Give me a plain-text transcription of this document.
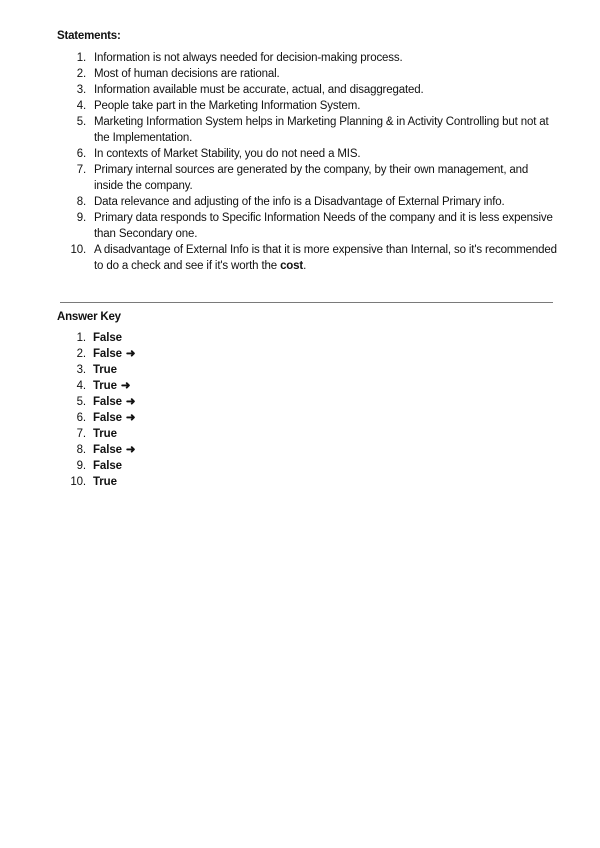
Statements:
1. Information is not always needed for decision-making process.
2. Most of human decisions are rational.
3. Information available must be accurate, actual, and disaggregated.
4. People take part in the Marketing Information System.
5. Marketing Information System helps in Marketing Planning & in Activity Controlling but not at the Implementation.
6. In contexts of Market Stability, you do not need a MIS.
7. Primary internal sources are generated by the company, by their own management, and inside the company.
8. Data relevance and adjusting of the info is a Disadvantage of External Primary info.
9. Primary data responds to Specific Information Needs of the company and it is less expensive than Secondary one.
10. A disadvantage of External Info is that it is more expensive than Internal, so it's recommended to do a check and see if it's worth the cost.
Answer Key
1. False
2. False ➜
3. True
4. True ➜
5. False ➜
6. False ➜
7. True
8. False ➜
9. False
10. True
